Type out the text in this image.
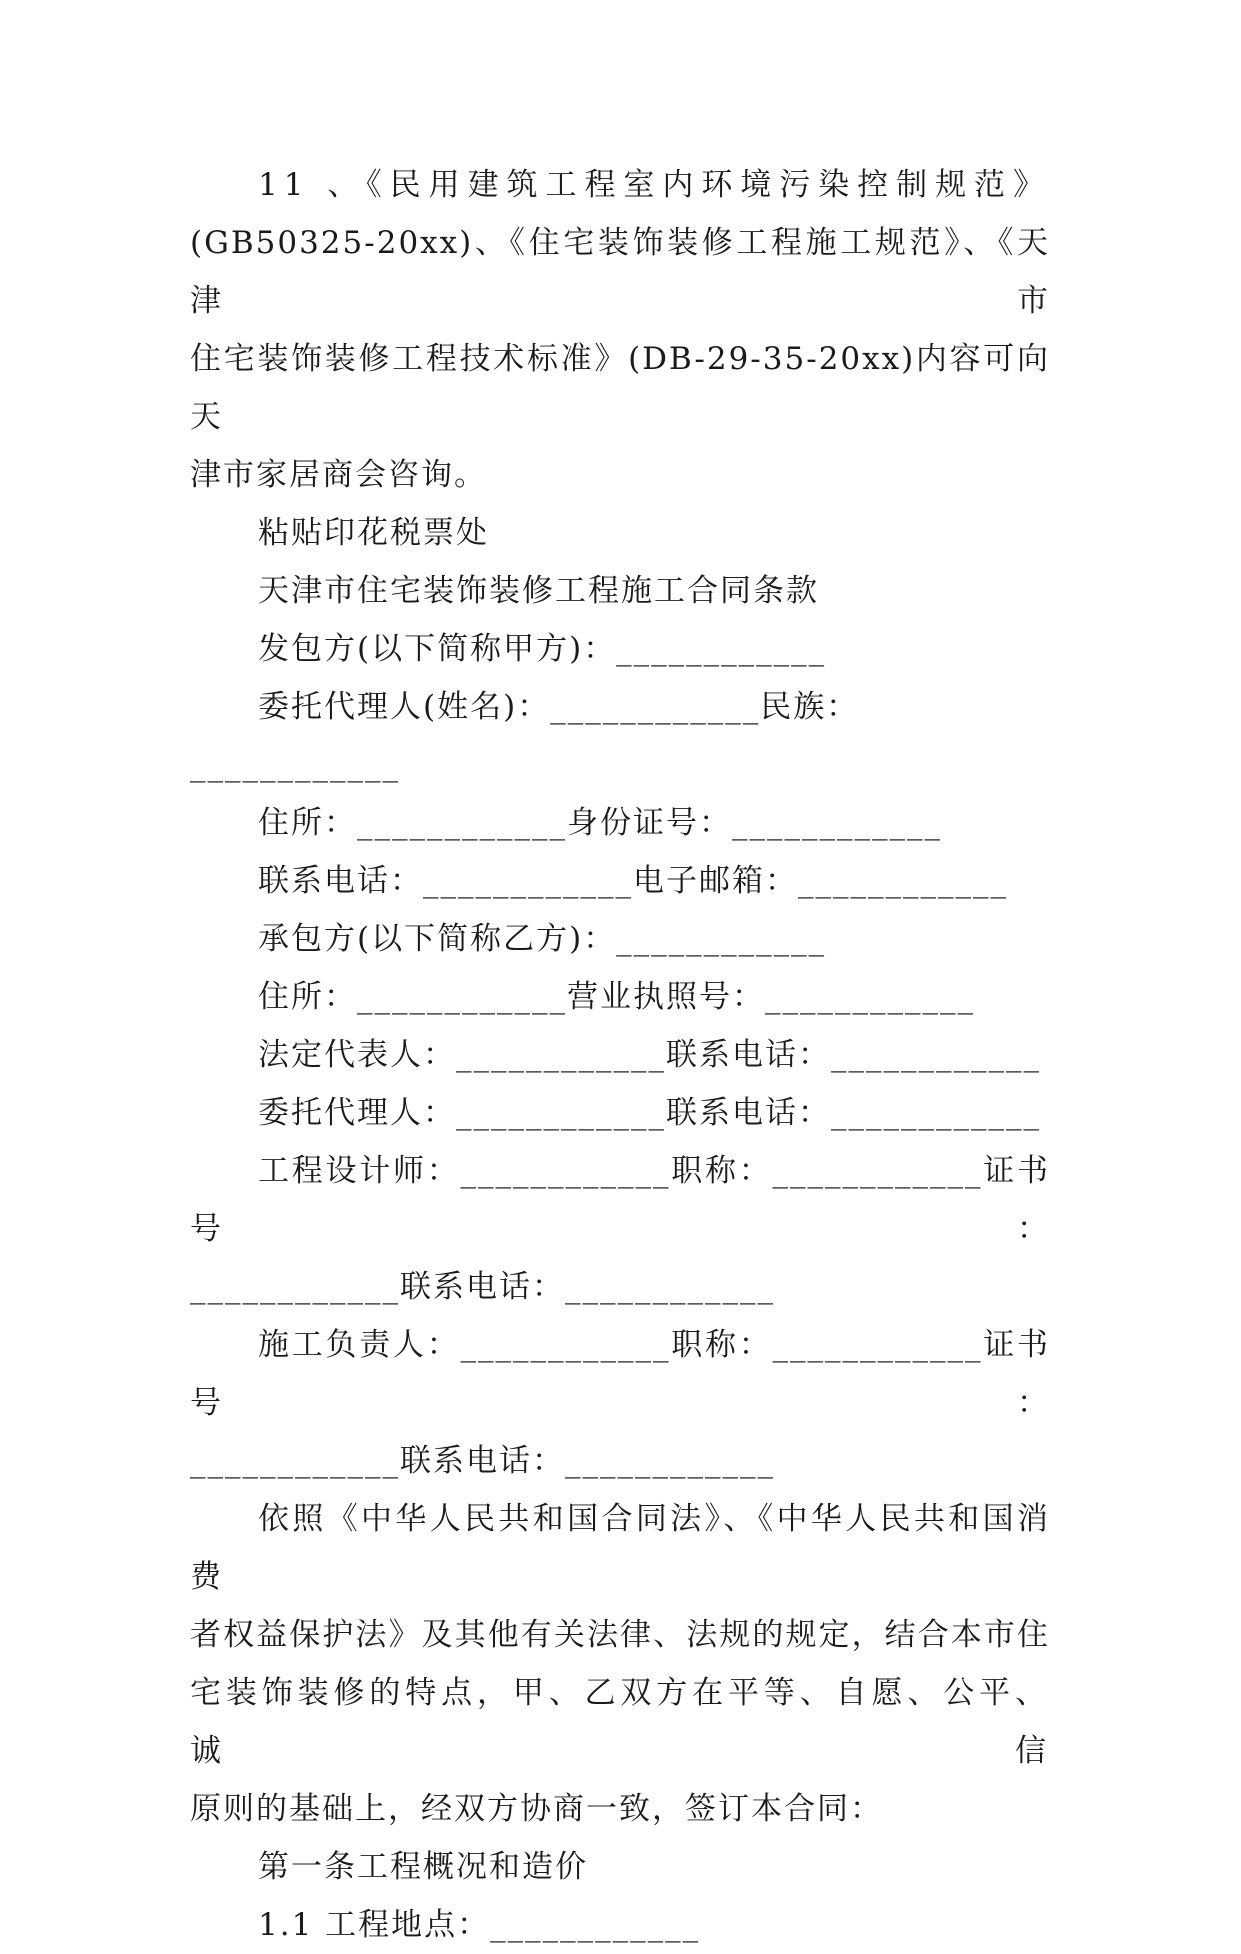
11 、《民用建筑工程室内环境污染控制规范》

(GB50325-20xx)、《住宅装饰装修工程施工规范》、《天津市

住宅装饰装修工程技术标准》(DB-29-35-20xx)内容可向天

津市家居商会咨询。

粘贴印花税票处

天津市住宅装饰装修工程施工合同条款

发包方(以下简称甲方)：____________

委托代理人(姓名)：____________民族：____________

住所：____________身份证号：____________

联系电话：____________电子邮箱：____________

承包方(以下简称乙方)：____________

住所：____________营业执照号：____________

法定代表人：____________联系电话：____________

委托代理人：____________联系电话：____________

工程设计师：____________职称：____________证书号：

____________联系电话：____________

施工负责人：____________职称：____________证书号：

____________联系电话：____________

依照《中华人民共和国合同法》、《中华人民共和国消费

者权益保护法》及其他有关法律、法规的规定，结合本市住

宅装饰装修的特点，甲、乙双方在平等、自愿、公平、诚信

原则的基础上，经双方协商一致，签订本合同：

第一条工程概况和造价

1.1 工程地点：____________
